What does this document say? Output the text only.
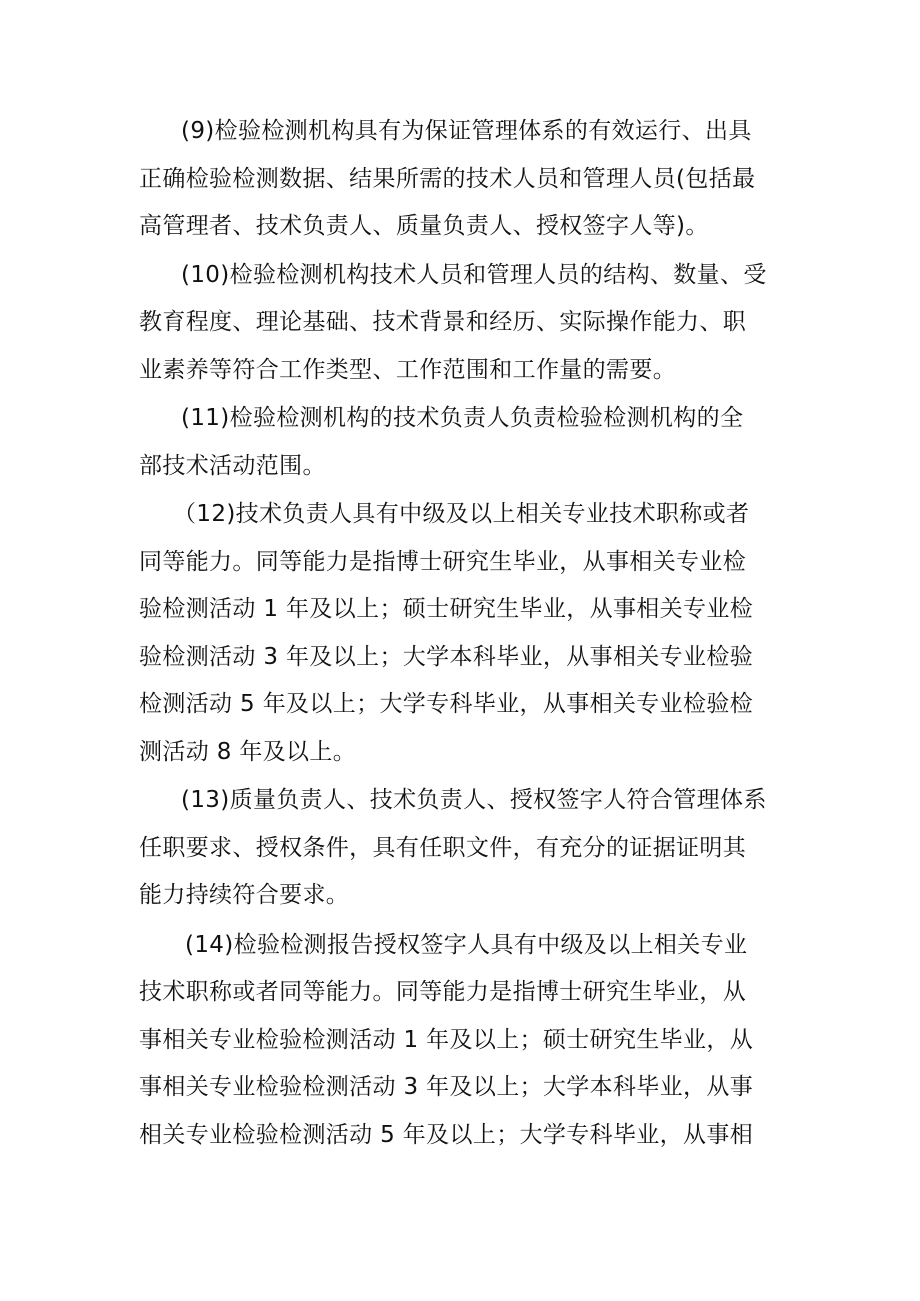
(9)检验检测机构具有为保证管理体系的有效运行、出具
正确检验检测数据、结果所需的技术人员和管理人员(包括最
高管理者、技术负责人、质量负责人、授权签字人等)。
(10)检验检测机构技术人员和管理人员的结构、数量、受
教育程度、理论基础、技术背景和经历、实际操作能力、职
业素养等符合工作类型、工作范围和工作量的需要。
(11)检验检测机构的技术负责人负责检验检测机构的全
部技术活动范围。
（12)技术负责人具有中级及以上相关专业技术职称或者
同等能力。同等能力是指博士研究生毕业，从事相关专业检
验检测活动 1 年及以上；硕士研究生毕业，从事相关专业检
验检测活动 3 年及以上；大学本科毕业，从事相关专业检验
检测活动 5 年及以上；大学专科毕业，从事相关专业检验检
测活动 8 年及以上。
(13)质量负责人、技术负责人、授权签字人符合管理体系
任职要求、授权条件，具有任职文件，有充分的证据证明其
能力持续符合要求。
(14)检验检测报告授权签字人具有中级及以上相关专业
技术职称或者同等能力。同等能力是指博士研究生毕业，从
事相关专业检验检测活动 1 年及以上；硕士研究生毕业，从
事相关专业检验检测活动 3 年及以上；大学本科毕业，从事
相关专业检验检测活动 5 年及以上；大学专科毕业，从事相
